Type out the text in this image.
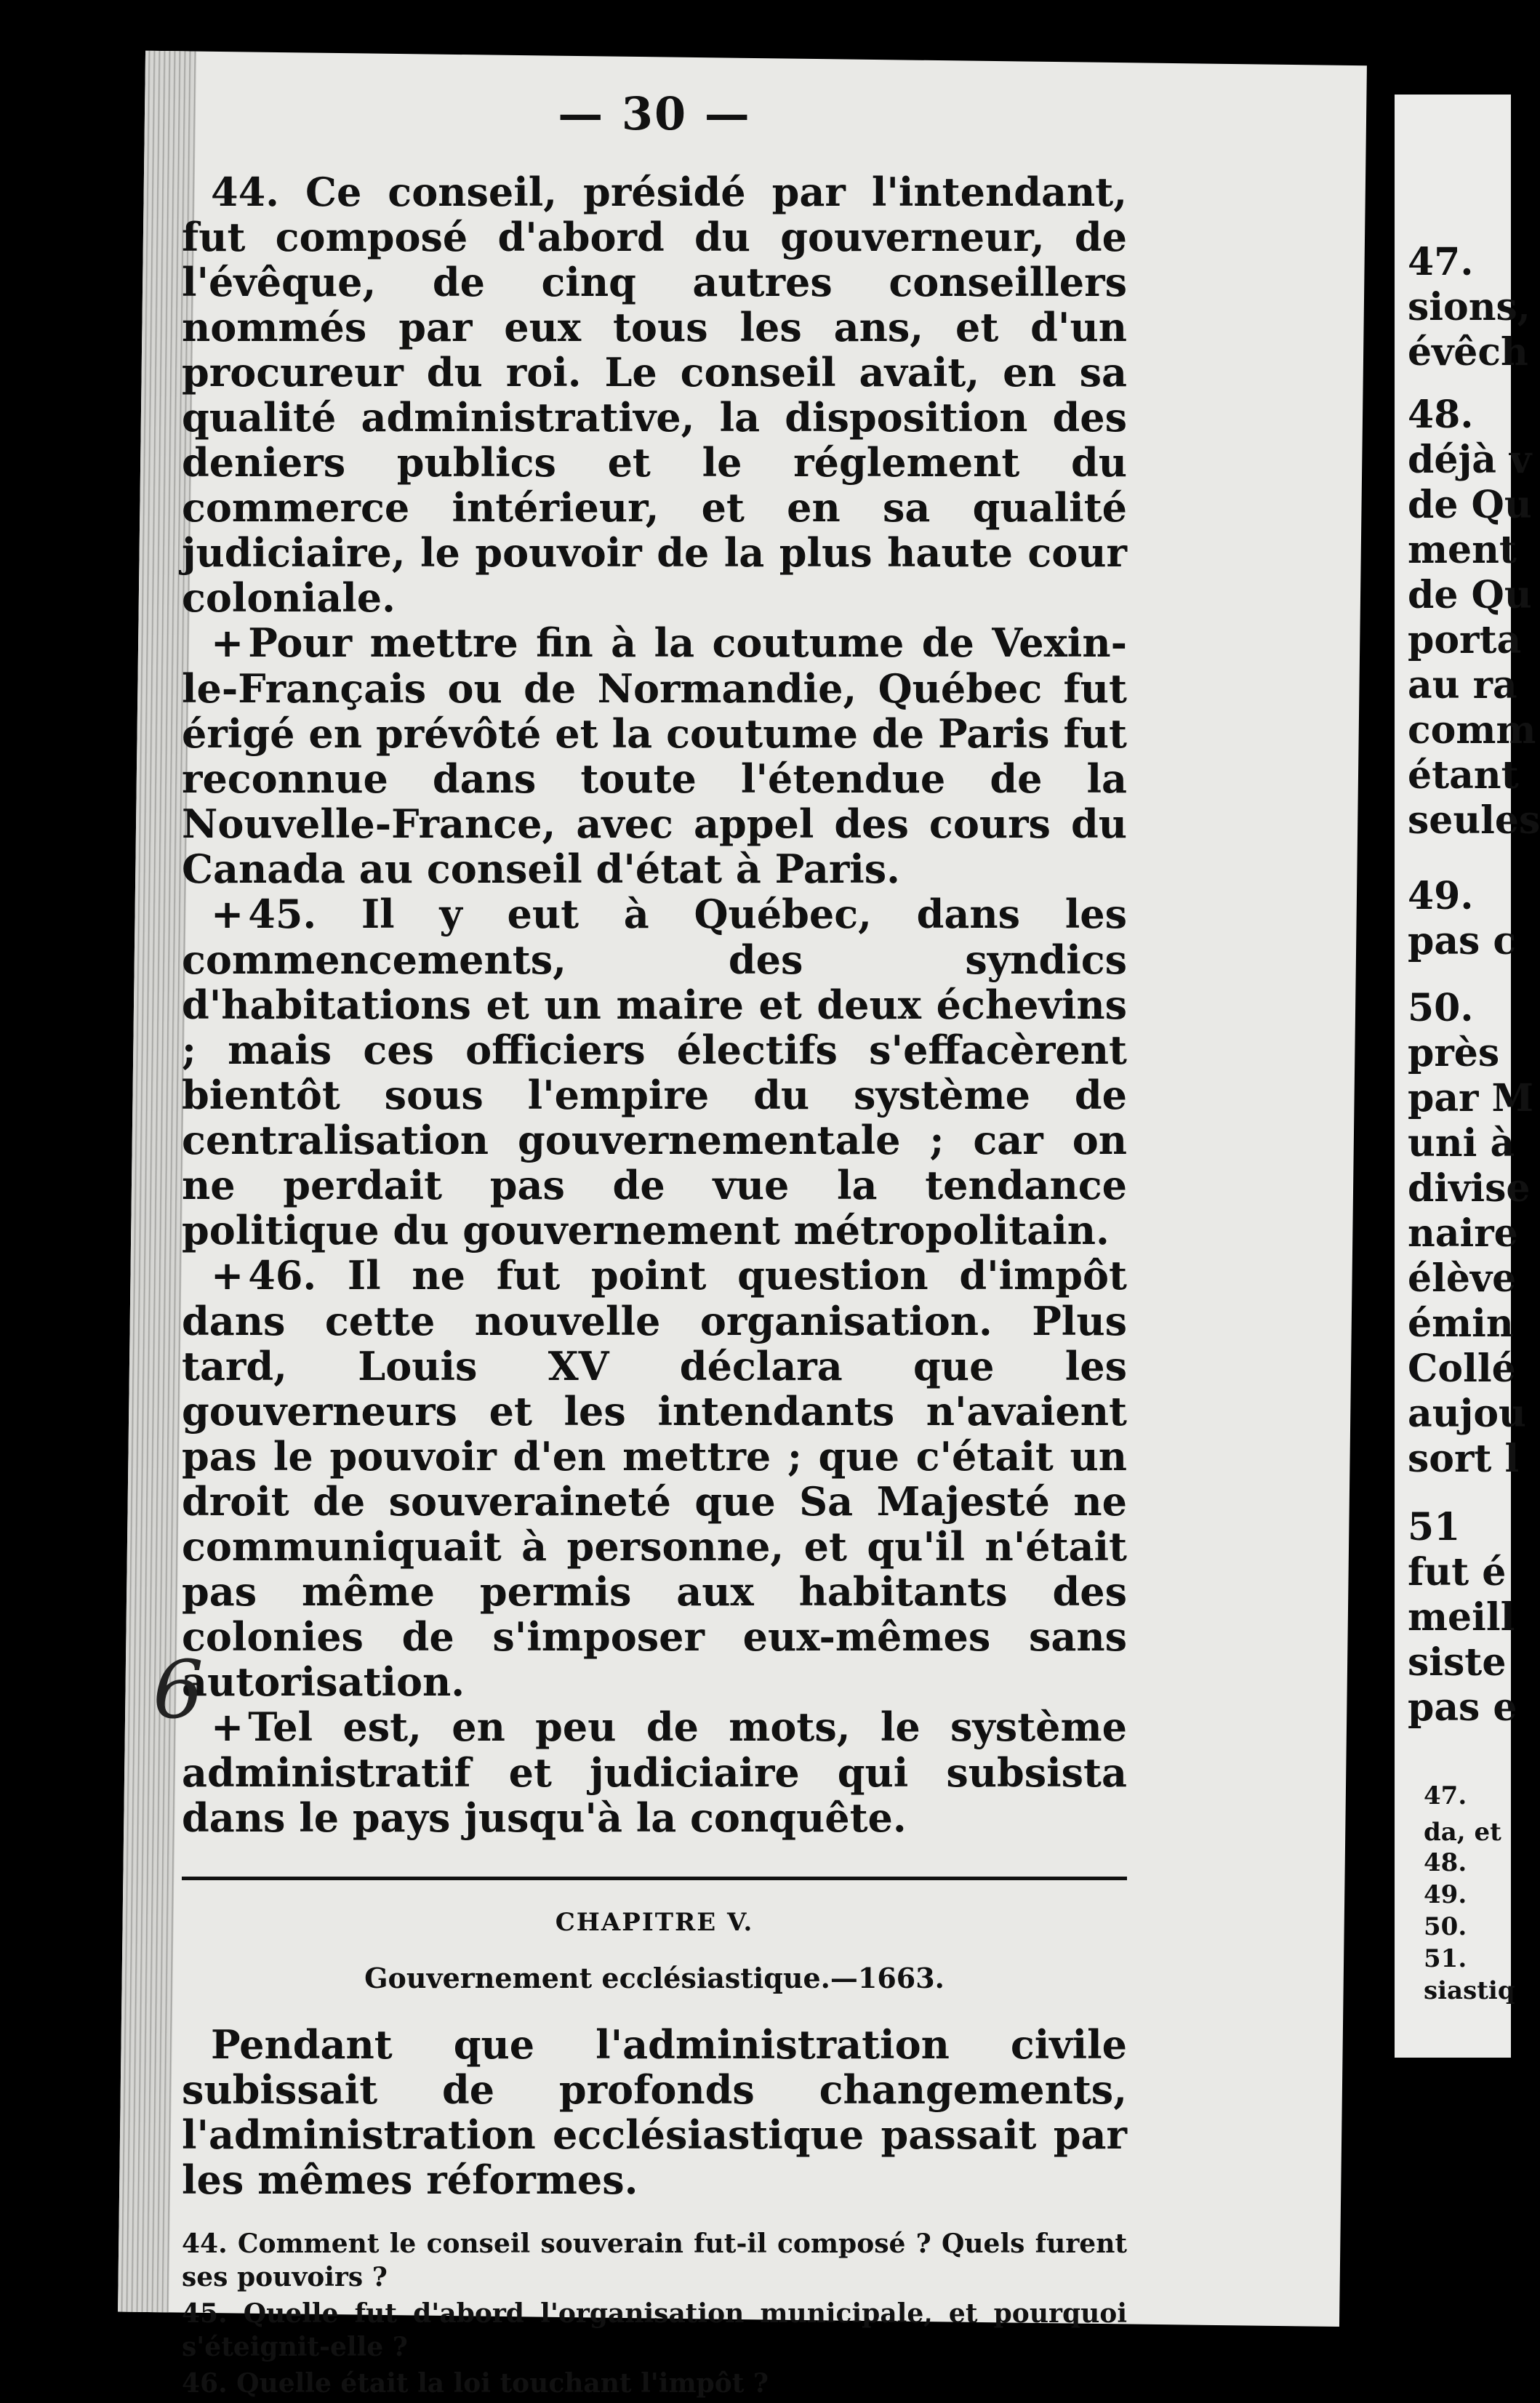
47.
sions,
évêch
48.
déjà v
de Qu
ment
de Qu
porta
au ra
comm
étant
seules
49.
pas c
50.
près
par M
uni à
divise
naire
élève
émin
Collé
aujou
sort l
51
fut é
meill
siste
pas e
47.
da, et
48.
49.
50.
51.
siastiq
— 30 —

44. Ce conseil, présidé par l'intendant, fut composé d'abord du gouverneur, de l'évêque, de cinq autres conseillers nommés par eux tous les ans, et d'un procureur du roi. Le conseil avait, en sa qualité administrative, la disposition des deniers publics et le réglement du commerce intérieur, et en sa qualité judiciaire, le pouvoir de la plus haute cour coloniale.

+ Pour mettre fin à la coutume de Vexin-le-Français ou de Normandie, Québec fut érigé en prévôté et la coutume de Paris fut reconnue dans toute l'étendue de la Nouvelle-France, avec appel des cours du Canada au conseil d'état à Paris.

+ 45. Il y eut à Québec, dans les commencements, des syndics d'habitations et un maire et deux échevins ; mais ces officiers électifs s'effacèrent bientôt sous l'empire du système de centralisation gouvernementale ; car on ne perdait pas de vue la tendance politique du gouvernement métropolitain.

+ 46. Il ne fut point question d'impôt dans cette nouvelle organisation. Plus tard, Louis XV déclara que les gouverneurs et les intendants n'avaient pas le pouvoir d'en mettre ; que c'était un droit de souveraineté que Sa Majesté ne communiquait à personne, et qu'il n'était pas même permis aux habitants des colonies de s'imposer eux-mêmes sans autorisation.

+ Tel est, en peu de mots, le système administratif et judiciaire qui subsista dans le pays jusqu'à la conquête.

CHAPITRE V.
Gouvernement ecclésiastique.—1663.

Pendant que l'administration civile subissait de profonds changements, l'administration ecclésiastique passait par les mêmes réformes.

44. Comment le conseil souverain fut-il composé ? Quels furent ses pouvoirs ?

45. Quelle fut d'abord l'organisation municipale, et pourquoi s'éteignit-elle ?

46. Quelle était la loi touchant l'impôt ?

6
